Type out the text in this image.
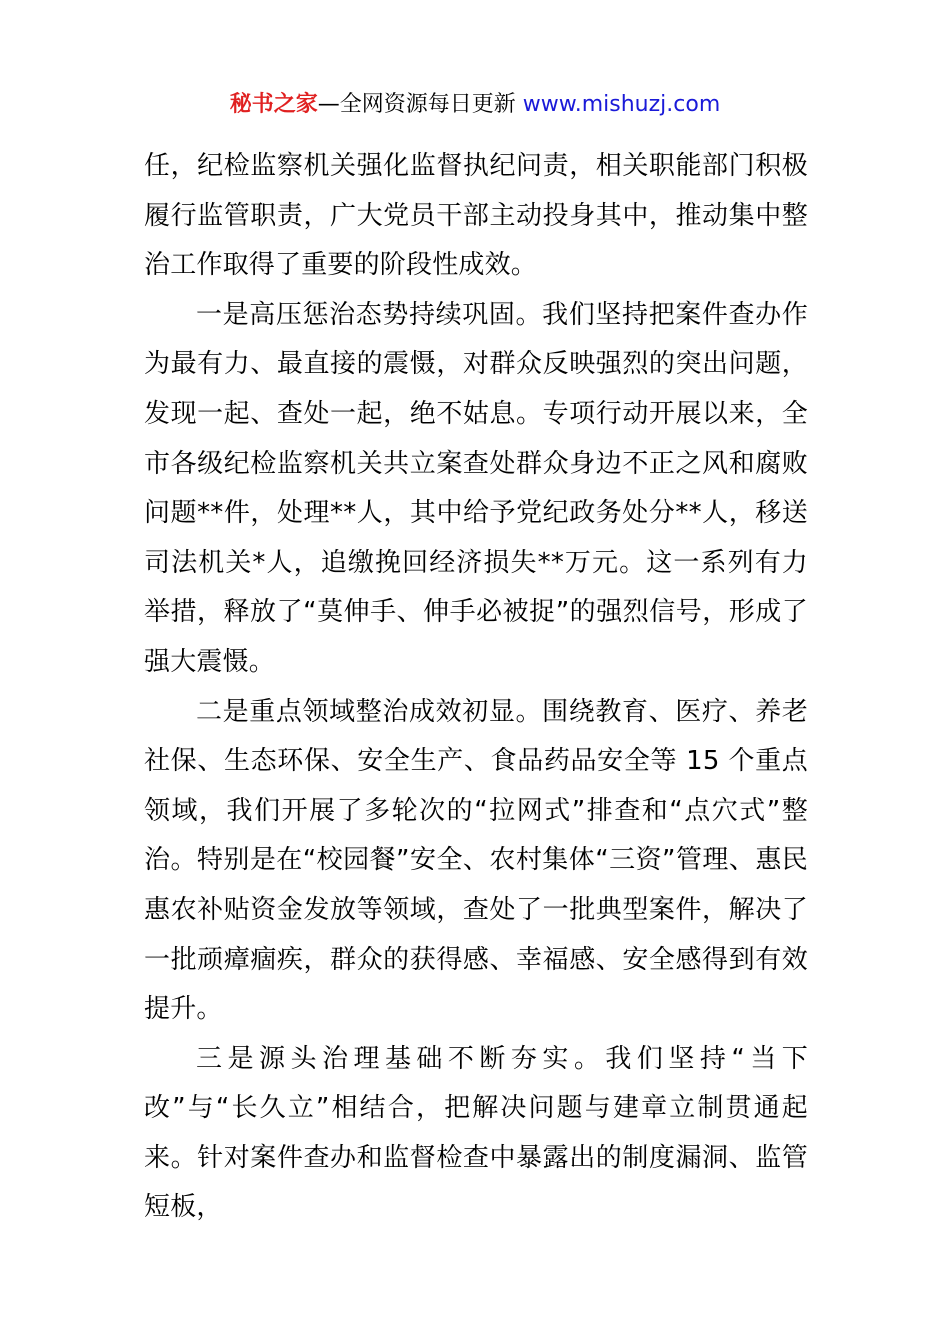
秘书之家—全网资源每日更新 www.mishuzj.com

任，纪检监察机关强化监督执纪问责，相关职能部门积极履行监管职责，广大党员干部主动投身其中，推动集中整治工作取得了重要的阶段性成效。

一是高压惩治态势持续巩固。我们坚持把案件查办作为最有力、最直接的震慑，对群众反映强烈的突出问题，发现一起、查处一起，绝不姑息。专项行动开展以来，全市各级纪检监察机关共立案查处群众身边不正之风和腐败问题**件，处理**人，其中给予党纪政务处分**人，移送司法机关*人，追缴挽回经济损失**万元。这一系列有力举措，释放了“莫伸手、伸手必被捉”的强烈信号，形成了强大震慑。

二是重点领域整治成效初显。围绕教育、医疗、养老社保、生态环保、安全生产、食品药品安全等 15 个重点领域，我们开展了多轮次的“拉网式”排查和“点穴式”整治。特别是在“校园餐”安全、农村集体“三资”管理、惠民惠农补贴资金发放等领域，查处了一批典型案件，解决了一批顽瘴痼疾，群众的获得感、幸福感、安全感得到有效提升。

三是源头治理基础不断夯实。我们坚持“当下改”与“长久立”相结合，把解决问题与建章立制贯通起来。针对案件查办和监督检查中暴露出的制度漏洞、监管短板，
